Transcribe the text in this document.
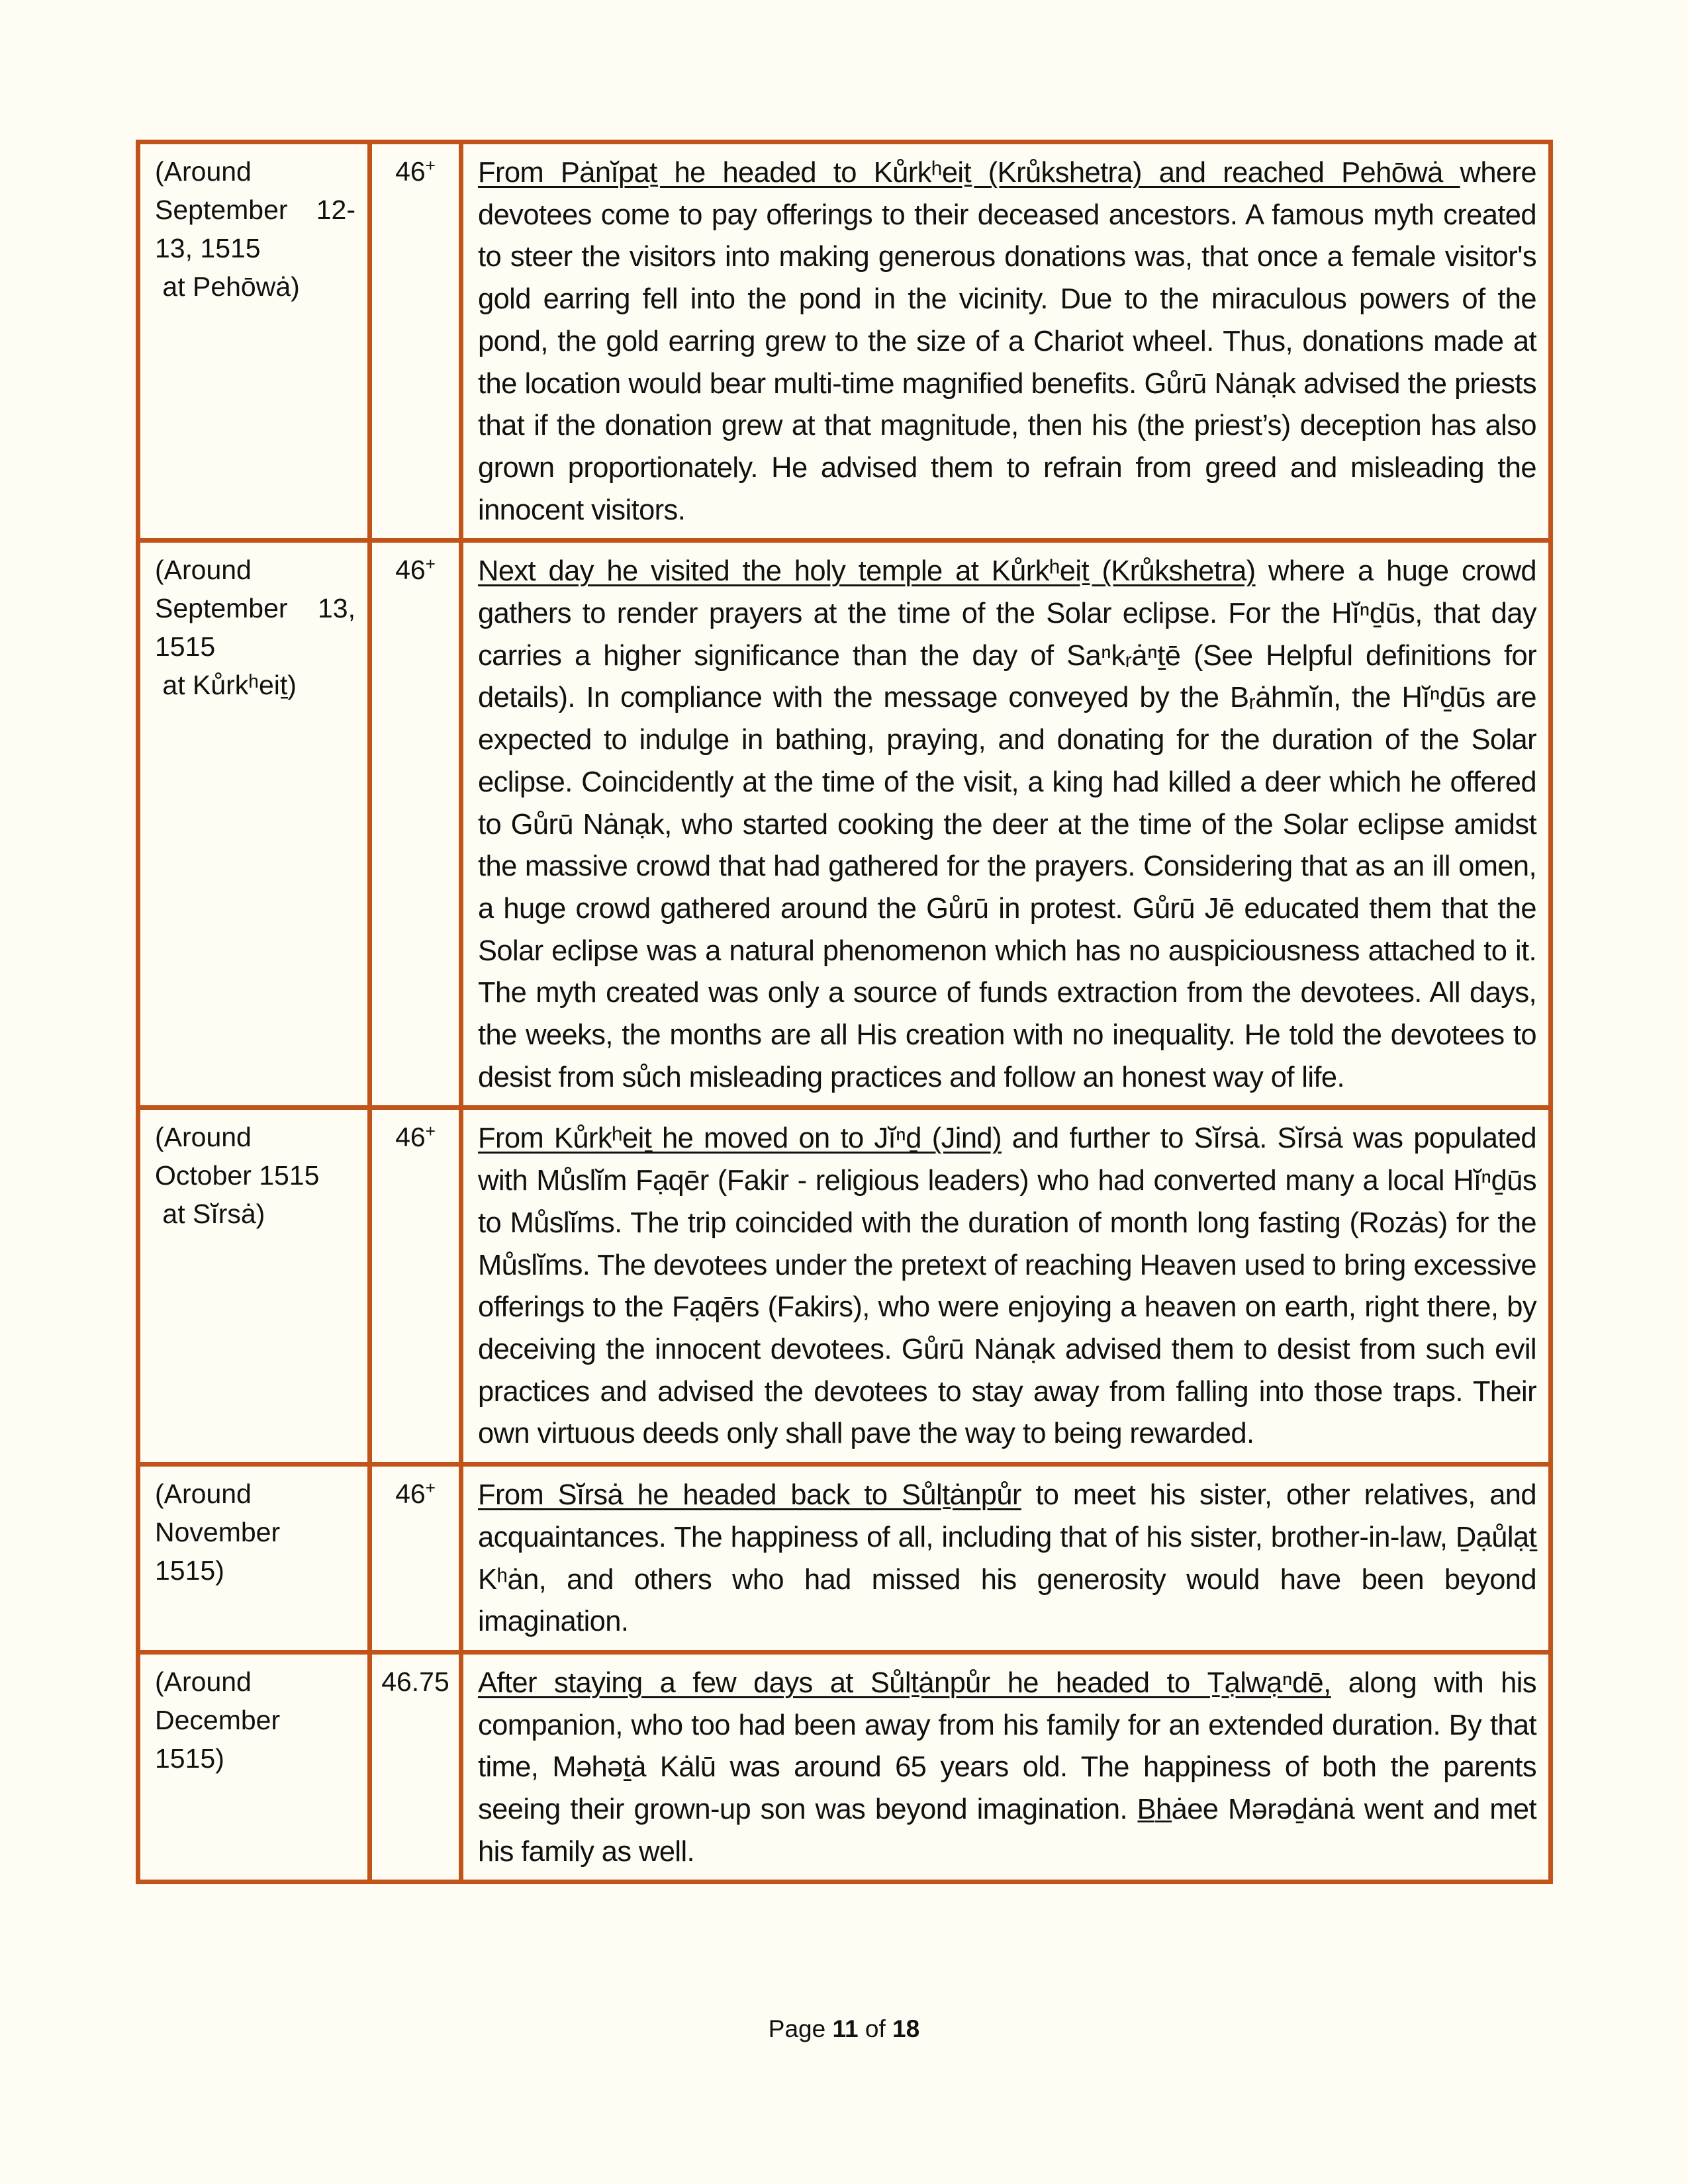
(Around
September 12-
13, 1515
at Pehōwȧ)
	46+	From Pȧnĭpaṯ he headed to Kůrkʰeiṯ (Krůkshetra) and reached Pehōwȧ where devotees come to pay offerings to their deceased ancestors. A famous myth created to steer the visitors into making generous donations was, that once a female visitor's gold earring fell into the pond in the vicinity. Due to the miraculous powers of the pond, the gold earring grew to the size of a Chariot wheel. Thus, donations made at the location would bear multi-time magnified benefits. Gůrū Nȧnạk advised the priests that if the donation grew at that magnitude, then his (the priest’s) deception has also grown proportionately. He advised them to refrain from greed and misleading the innocent visitors.

(Around
September 13,
1515
at Kůrkʰeiṯ)
	46+	Next day he visited the holy temple at Kůrkʰeiṯ (Krůkshetra) where a huge crowd gathers to render prayers at the time of the Solar eclipse. For the Hĭⁿḏūs, that day carries a higher significance than the day of Saⁿkᵣȧⁿṯē (See Helpful definitions for details). In compliance with the message conveyed by the Bᵣȧhmĭn, the Hĭⁿḏūs are expected to indulge in bathing, praying, and donating for the duration of the Solar eclipse. Coincidently at the time of the visit, a king had killed a deer which he offered to Gůrū Nȧnạk, who started cooking the deer at the time of the Solar eclipse amidst the massive crowd that had gathered for the prayers. Considering that as an ill omen, a huge crowd gathered around the Gůrū in protest. Gůrū Jē educated them that the Solar eclipse was a natural phenomenon which has no auspiciousness attached to it. The myth created was only a source of funds extraction from the devotees. All days, the weeks, the months are all His creation with no inequality. He told the devotees to desist from sůch misleading practices and follow an honest way of life.

(Around
October 1515
at Sĭrsȧ)
	46+	From Kůrkʰeiṯ he moved on to Jĭⁿḏ (Jind) and further to Sĭrsȧ. Sĭrsȧ was populated with Můslĭm Fạqēr (Fakir - religious leaders) who had converted many a local Hĭⁿḏūs to Můslĭms. The trip coincided with the duration of month long fasting (Rozȧs) for the Můslĭms. The devotees under the pretext of reaching Heaven used to bring excessive offerings to the Fạqērs (Fakirs), who were enjoying a heaven on earth, right there, by deceiving the innocent devotees. Gůrū Nȧnạk advised them to desist from such evil practices and advised the devotees to stay away from falling into those traps. Their own virtuous deeds only shall pave the way to being rewarded.

(Around
November 1515)	46+	From Sĭrsȧ he headed back to Sůlṯȧnpůr to meet his sister, other relatives, and acquaintances. The happiness of all, including that of his sister, brother-in-law, Ḏạůlạṯ Kʰȧn, and others who had missed his generosity would have been beyond imagination.

(Around
December 1515)	46.75	After staying a few days at Sůlṯȧnpůr he headed to Ṯạlwạⁿdē, along with his companion, who too had been away from his family for an extended duration. By that time, Məhəṯȧ Kȧlū was around 65 years old. The happiness of both the parents seeing their grown-up son was beyond imagination. B̲h̲ȧee Mərəḏȧnȧ went and met his family as well.
Page 11 of 18
